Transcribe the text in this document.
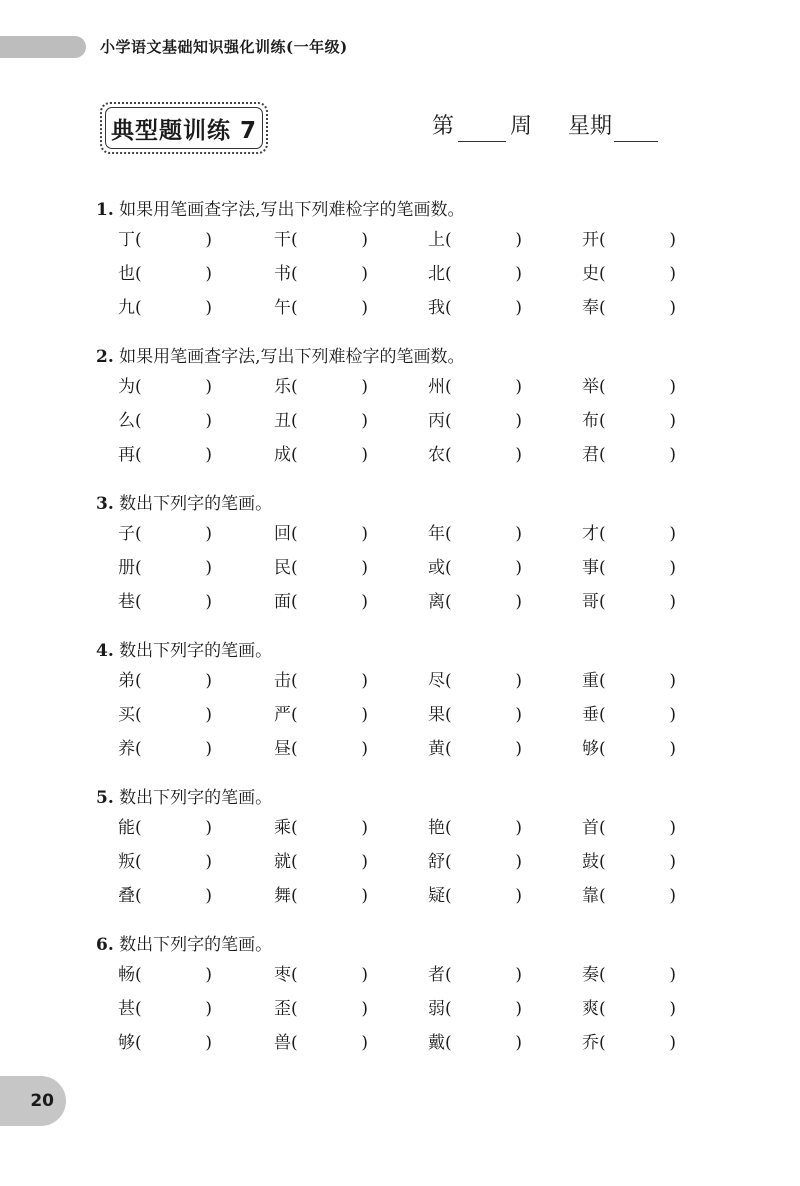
小学语文基础知识强化训练(一年级)
典型题训练 7	第	周 星期
1. 如果用笔画查字法,写出下列难检字的笔画数。
丁(	)	干(	)	上(	)	开(	)
也(	)	书(	)	北(	)	史(	)
九(	)	午(	)	我(	)	奉(	)
2. 如果用笔画查字法,写出下列难检字的笔画数。
为(	)	乐(	)	州(	)	举(	)
么(	)	丑(	)	丙(	)	布(	)
再(	)	成(	)	农(	)	君(	)
3. 数出下列字的笔画。
子(	)	回(	)	年(	)	才(	)
册(	)	民(	)	或(	)	事(	)
巷(	)	面(	)	离(	)	哥(	)
4. 数出下列字的笔画。
弟(	)	击(	)	尽(	)	重(	)
买(	)	严(	)	果(	)	垂(	)
养(	)	昼(	)	黄(	)	够(	)
5. 数出下列字的笔画。
能(	)	乘(	)	艳(	)	首(	)
叛(	)	就(	)	舒(	)	鼓(	)
叠(	)	舞(	)	疑(	)	靠(	)
6. 数出下列字的笔画。
畅(	)	枣(	)	者(	)	奏(	)
甚(	)	歪(	)	弱(	)	爽(	)
够(	)	兽(	)	戴(	)	乔(	)
20
